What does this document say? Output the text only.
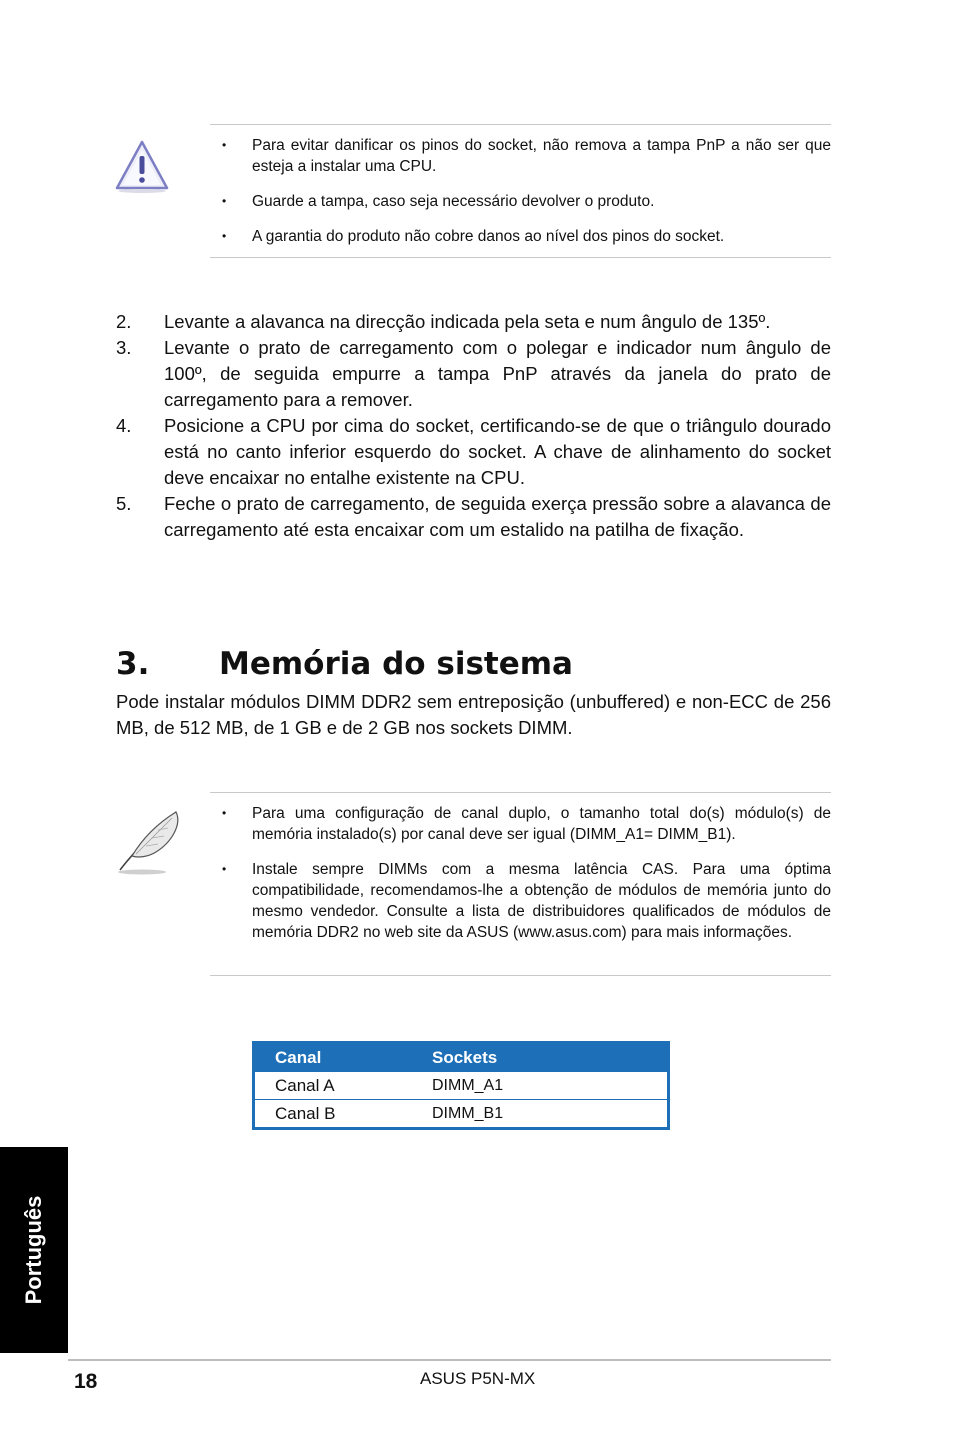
• Para evitar danificar os pinos do socket, não remova a tampa PnP a não ser que esteja a instalar uma CPU.
• Guarde a tampa, caso seja necessário devolver o produto.
• A garantia do produto não cobre danos ao nível dos pinos do socket.
2.	Levante a alavanca na direcção indicada pela seta e num ângulo de 135º.
3.	Levante o prato de carregamento com o polegar e indicador num ângulo de 100º, de seguida empurre a tampa PnP através da janela do prato de carregamento para a remover.
4.	Posicione a CPU por cima do socket, certificando-se de que o triângulo dourado está no canto inferior esquerdo do socket. A chave de alinhamento do socket deve encaixar no entalhe existente na CPU.
5.	Feche o prato de carregamento, de seguida exerça pressão sobre a alavanca de carregamento até esta encaixar com um estalido na patilha de fixação.
3. Memória do sistema
Pode instalar módulos DIMM DDR2 sem entreposição (unbuffered) e non-ECC de 256 MB, de 512 MB, de 1 GB e de 2 GB nos sockets DIMM.
• Para uma configuração de canal duplo, o tamanho total do(s) módulo(s) de memória instalado(s) por canal deve ser igual (DIMM_A1= DIMM_B1).
• Instale sempre DIMMs com a mesma latência CAS. Para uma óptima compatibilidade, recomendamos-lhe a obtenção de módulos de memória junto do mesmo vendedor. Consulte a lista de distribuidores qualificados de módulos de memória DDR2 no web site da ASUS (www.asus.com) para mais informações.
Canal	Sockets
Canal A	DIMM_A1
Canal B	DIMM_B1
Português
18	ASUS P5N-MX
